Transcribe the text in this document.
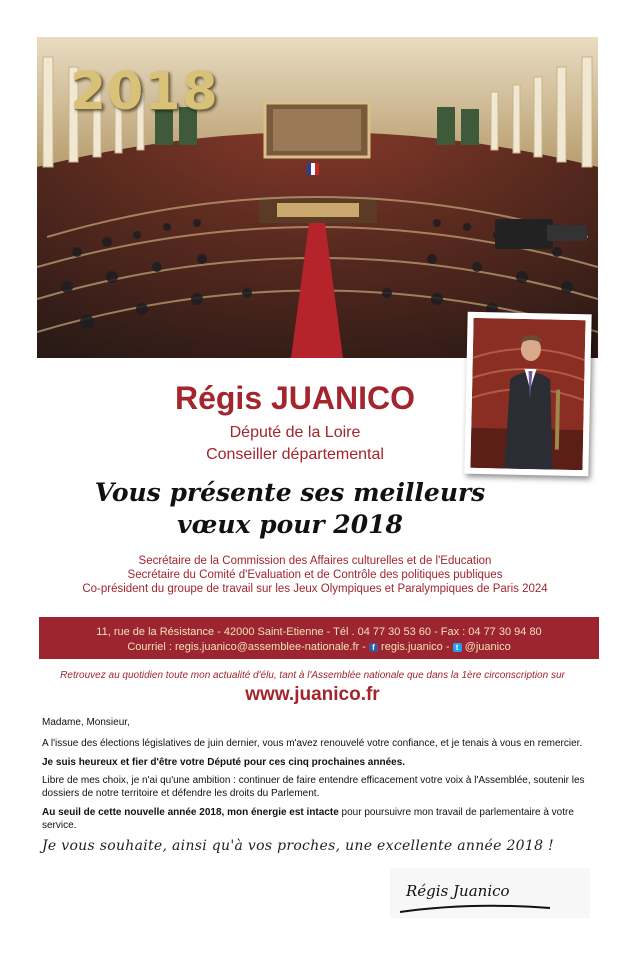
2018
Régis JUANICO
Député de la Loire
Conseiller départemental
Vous présente ses meilleurs
vœux pour 2018
Secrétaire de la Commission des Affaires culturelles et de l'Education
Secrétaire du Comité d'Evaluation et de Contrôle des politiques publiques
Co-président du groupe de travail sur les Jeux Olympiques et Paralympiques de Paris 2024
11, rue de la Résistance - 42000 Saint-Etienne - Tél . 04 77 30 53 60 - Fax : 04 77 30 94 80
Courriel : regis.juanico@assemblee-nationale.fr - f regis.juanico - t @juanico
Retrouvez au quotidien toute mon actualité d'élu, tant à l'Assemblée nationale que dans la 1ère circonscription sur
www.juanico.fr
Madame, Monsieur,
A l'issue des élections législatives de juin dernier, vous m'avez renouvelé votre confiance, et je tenais à vous en remercier.
Je suis heureux et fier d'être votre Député pour ces cinq prochaines années.
Libre de mes choix, je n'ai qu'une ambition : continuer de faire entendre efficacement votre voix à l'Assemblée, soutenir les dossiers de notre territoire et défendre les droits du Parlement.
Au seuil de cette nouvelle année 2018, mon énergie est intacte pour poursuivre mon travail de parlementaire à votre service.
Je vous souhaite, ainsi qu'à vos proches, une excellente année 2018 !
Régis Juanico
